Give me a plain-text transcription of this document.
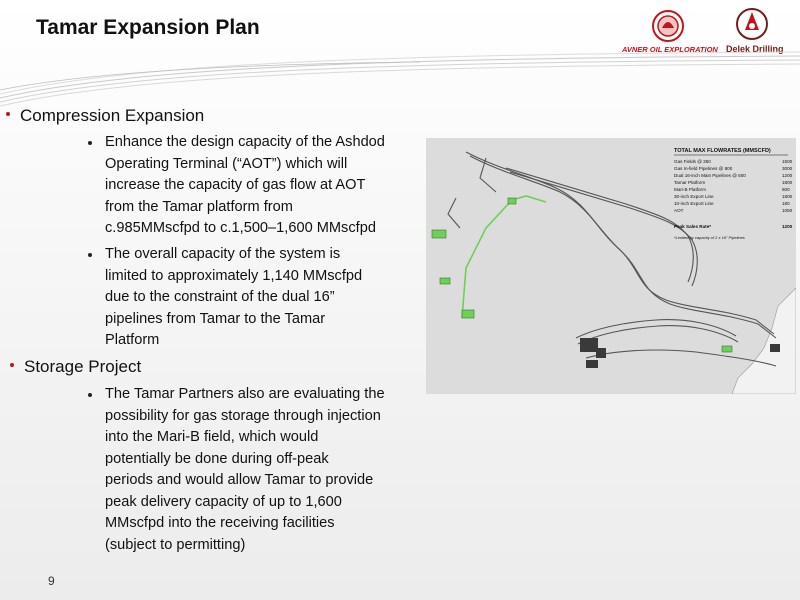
Tamar Expansion Plan
AVNER OIL EXPLORATION Delek Drilling
Compression Expansion
Enhance the design capacity of the Ashdod
Operating Terminal (“AOT”) which will
increase the capacity of gas flow at AOT
from the Tamar platform from
c.985MMscfpd to c.1,500–1,600 MMscfpd
The overall capacity of the system is
limited to approximately 1,140 MMscfpd
due to the constraint of the dual 16”
pipelines from Tamar to the Tamar
Platform
Storage Project
The Tamar Partners also are evaluating the
possibility for gas storage through injection
into the Mari-B field, which would
potentially be done during off-peak
periods and would allow Tamar to provide
peak delivery capacity of up to 1,600
MMscfpd into the receiving facilities
(subject to permitting)
TOTAL MAX FLOWRATES (MMSCFD)
Gas Fields @ 350	1500
Gas In-field Pipelines @ 800	3000
Dual 16-inch Main Pipelines @ 600	1200
Tamar Platform	1800
Mari-B Platform	600
30-inch Export Line	1800
10-inch Export Line	180
AOT	1050
Peak Sales Rate*	1200
*Limited by capacity of 2 x 16" Pipelines
9
